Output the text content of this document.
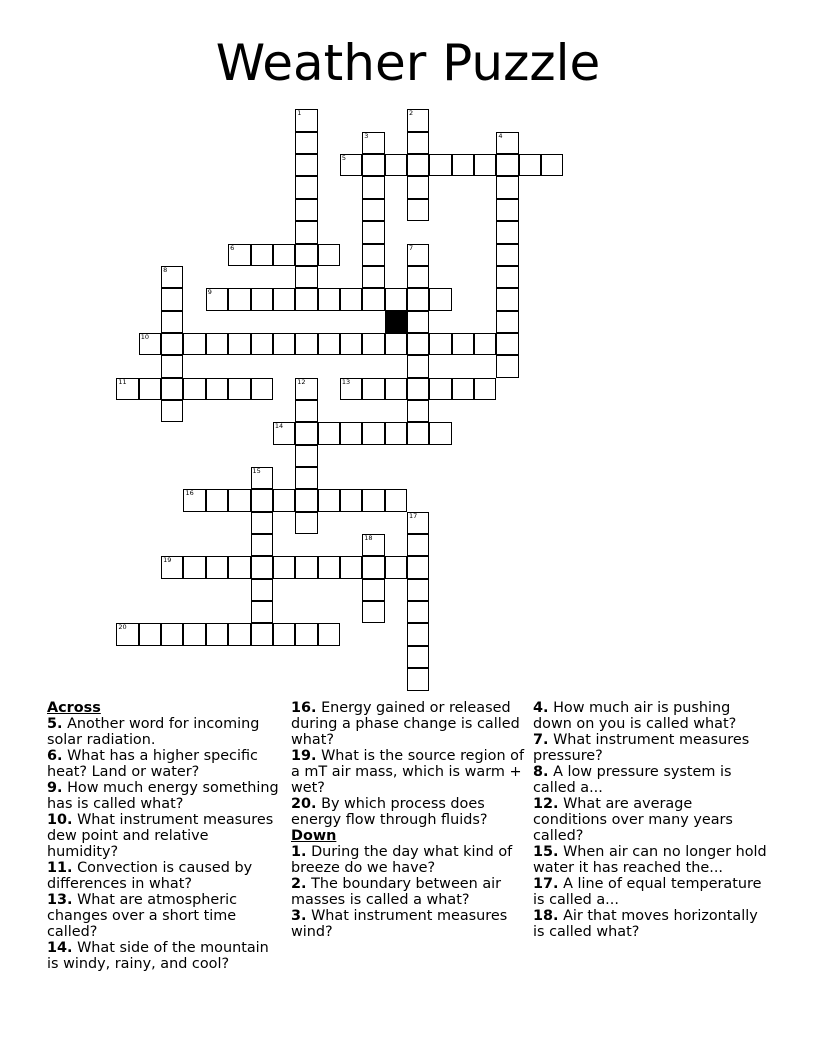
Weather Puzzle
5
6
9
10
11	13
14
16
19
20
1	2
3	4
7
8
12
15
17
18
Across
5. Another word for incoming solar radiation.
6. What has a higher specific heat? Land or water?
9. How much energy something has is called what?
10. What instrument measures dew point and relative humidity?
11. Convection is caused by differences in what?
13. What are atmospheric changes over a short time called?
14. What side of the mountain is windy, rainy, and cool?
16. Energy gained or released during a phase change is called what?
19. What is the source region of a mT air mass, which is warm + wet?
20. By which process does energy flow through fluids?
Down
1. During the day what kind of breeze do we have?
2. The boundary between air masses is called a what?
3. What instrument measures wind?
4. How much air is pushing down on you is called what?
7. What instrument measures pressure?
8. A low pressure system is called a...
12. What are average conditions over many years called?
15. When air can no longer hold water it has reached the...
17. A line of equal temperature is called a...
18. Air that moves horizontally is called what?
